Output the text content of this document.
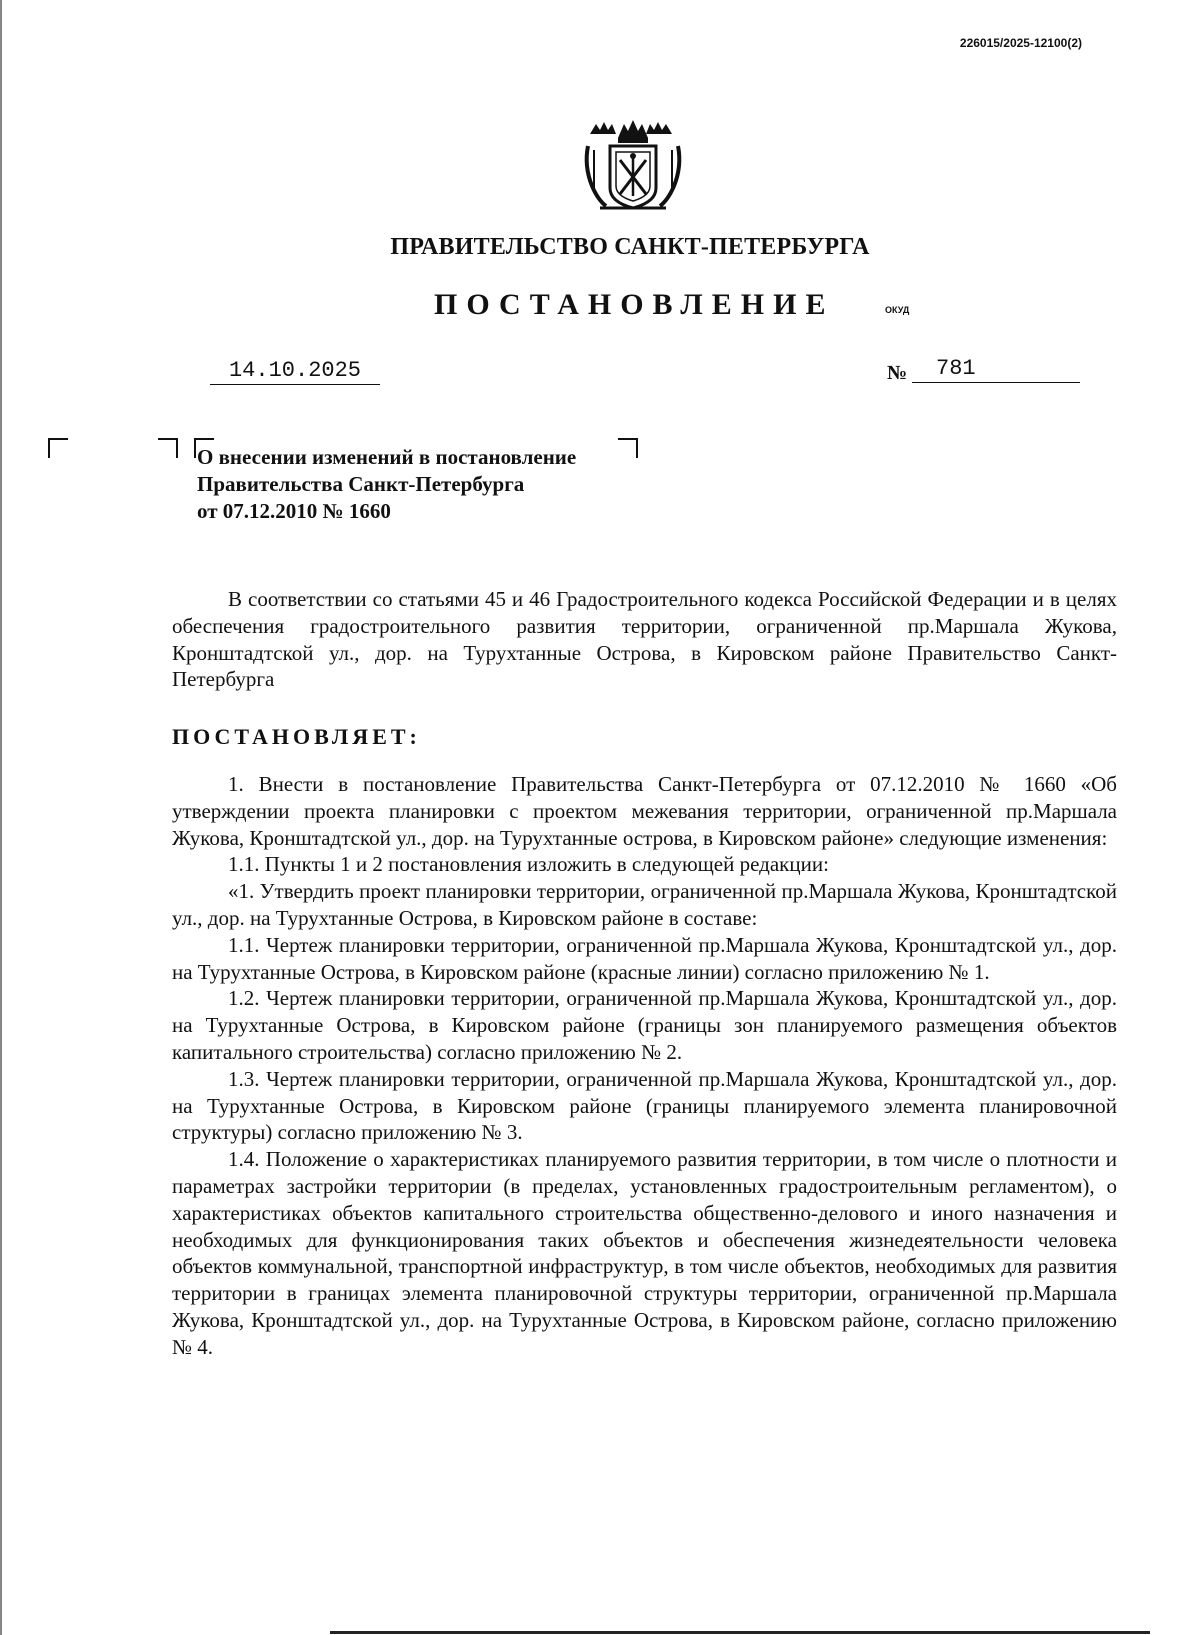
226015/2025-12100(2)
ПРАВИТЕЛЬСТВО САНКТ-ПЕТЕРБУРГА
ПОСТАНОВЛЕНИЕ	ОКУД
14.10.2025	№	781
О внесении изменений в постановление
Правительства Санкт-Петербурга
от 07.12.2010 № 1660

В соответствии со статьями 45 и 46 Градостроительного кодекса Российской Федерации и в целях обеспечения градостроительного развития территории, ограниченной пр.Маршала Жукова, Кронштадтской ул., дор. на Турухтанные Острова, в Кировском районе Правительство Санкт-Петербурга

ПОСТАНОВЛЯЕТ:

1. Внести в постановление Правительства Санкт-Петербурга от 07.12.2010 № 1660 «Об утверждении проекта планировки с проектом межевания территории, ограниченной пр.Маршала Жукова, Кронштадтской ул., дор. на Турухтанные острова, в Кировском районе» следующие изменения:

1.1. Пункты 1 и 2 постановления изложить в следующей редакции:

«1. Утвердить проект планировки территории, ограниченной пр.Маршала Жукова, Кронштадтской ул., дор. на Турухтанные Острова, в Кировском районе в составе:

1.1. Чертеж планировки территории, ограниченной пр.Маршала Жукова, Кронштадтской ул., дор. на Турухтанные Острова, в Кировском районе (красные линии) согласно приложению № 1.

1.2. Чертеж планировки территории, ограниченной пр.Маршала Жукова, Кронштадтской ул., дор. на Турухтанные Острова, в Кировском районе (границы зон планируемого размещения объектов капитального строительства) согласно приложению № 2.

1.3. Чертеж планировки территории, ограниченной пр.Маршала Жукова, Кронштадтской ул., дор. на Турухтанные Острова, в Кировском районе (границы планируемого элемента планировочной структуры) согласно приложению № 3.

1.4. Положение о характеристиках планируемого развития территории, в том числе о плотности и параметрах застройки территории (в пределах, установленных градостроительным регламентом), о характеристиках объектов капитального строительства общественно-делового и иного назначения и необходимых для функционирования таких объектов и обеспечения жизнедеятельности человека объектов коммунальной, транспортной инфраструктур, в том числе объектов, необходимых для развития территории в границах элемента планировочной структуры территории, ограниченной пр.Маршала Жукова, Кронштадтской ул., дор. на Турухтанные Острова, в Кировском районе, согласно приложению № 4.
